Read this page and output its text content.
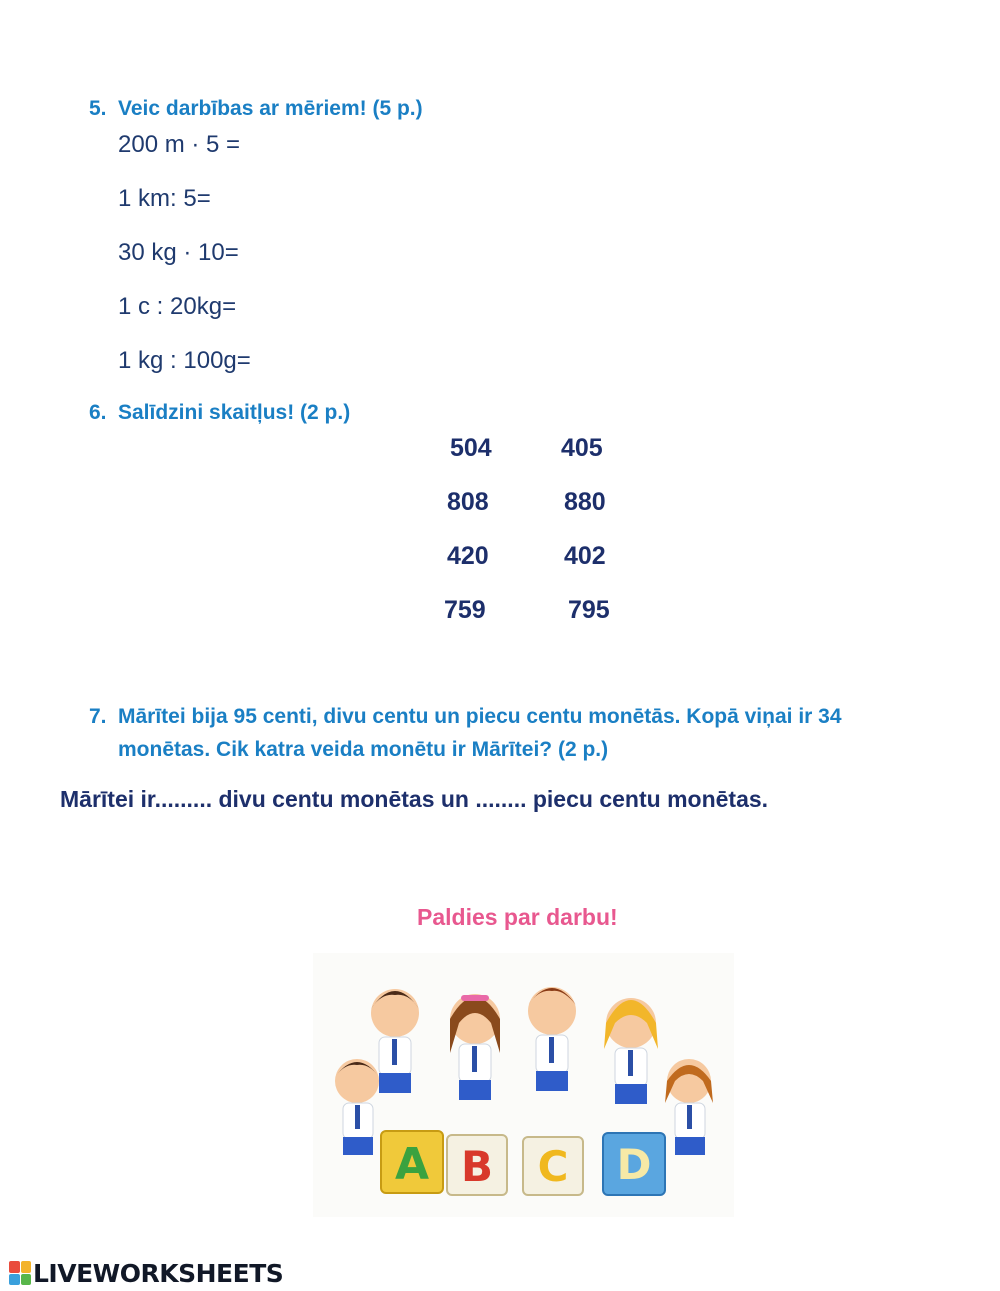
5. Veic darbības ar mēriem! (5 p.)
200 m · 5 =
1 km: 5=
30 kg · 10=
1 c : 20kg=
1 kg : 100g=
6. Salīdzini skaitļus! (2 p.)
504	405
808	880
420	402
759	795
7. Mārītei bija 95 centi, divu centu un piecu centu monētās. Kopā viņai ir 34
monētas. Cik katra veida monētu ir Mārītei? (2 p.)
Mārītei ir......... divu centu monētas un ........ piecu centu monētas.
Paldies par darbu!
A B C D
LIVEWORKSHEETS
